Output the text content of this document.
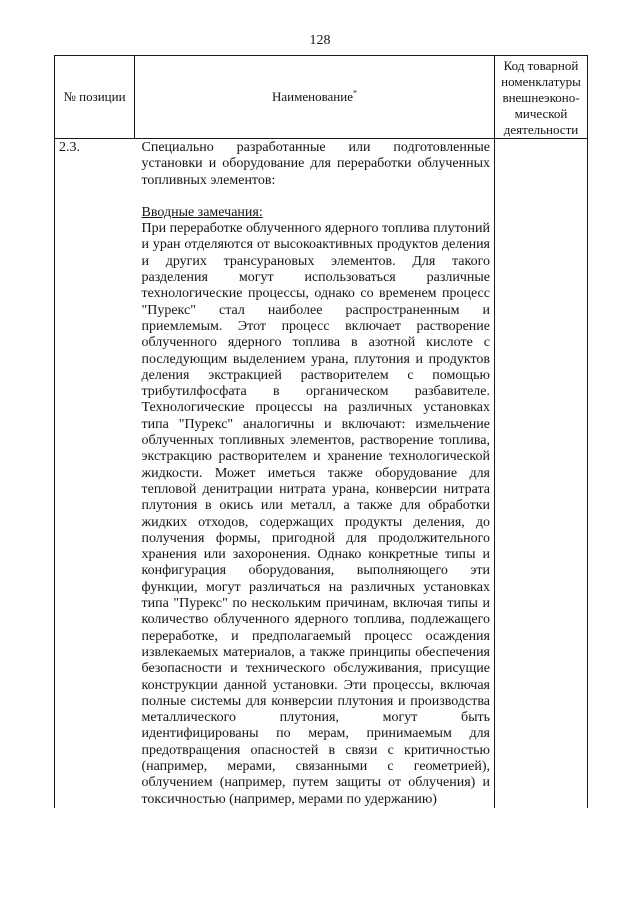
128
№ позиции	Наименование*	Код товарной номенклатуры внешнеэконо-мической деятельности
2.3.	Специально разработанные или подготовленные установки и оборудование для переработки облученных топливных элементов:

Вводные замечания:

При переработке облученного ядерного топлива плутоний и уран отделяются от высокоактивных продуктов деления и других трансурановых элементов. Для такого разделения могут использоваться различные технологические процессы, однако со временем процесс "Пурекс" стал наиболее распространенным и приемлемым. Этот процесс включает растворение облученного ядерного топлива в азотной кислоте с последующим выделением урана, плутония и продуктов деления экстракцией растворителем с помощью трибутилфосфата в органическом разбавителе. Технологические процессы на различных установках типа "Пурекс" аналогичны и включают: измельчение облученных топливных элементов, растворение топлива, экстракцию растворителем и хранение технологической жидкости. Может иметься также оборудование для тепловой денитрации нитрата урана, конверсии нитрата плутония в окись или металл, а также для обработки жидких отходов, содержащих продукты деления, до получения формы, пригодной для продолжительного хранения или захоронения. Однако конкретные типы и конфигурация оборудования, выполняющего эти функции, могут различаться на различных установках типа "Пурекс" по нескольким причинам, включая типы и количество облученного ядерного топлива, подлежащего переработке, и предполагаемый процесс осаждения извлекаемых материалов, а также принципы обеспечения безопасности и технического обслуживания, присущие конструкции данной установки. Эти процессы, включая полные системы для конверсии плутония и производства металлического плутония, могут быть идентифицированы по мерам, принимаемым для предотвращения опасностей в связи с критичностью (например, мерами, связанными с геометрией), облучением (например, путем защиты от облучения) и токсичностью (например, мерами по удержанию)	
